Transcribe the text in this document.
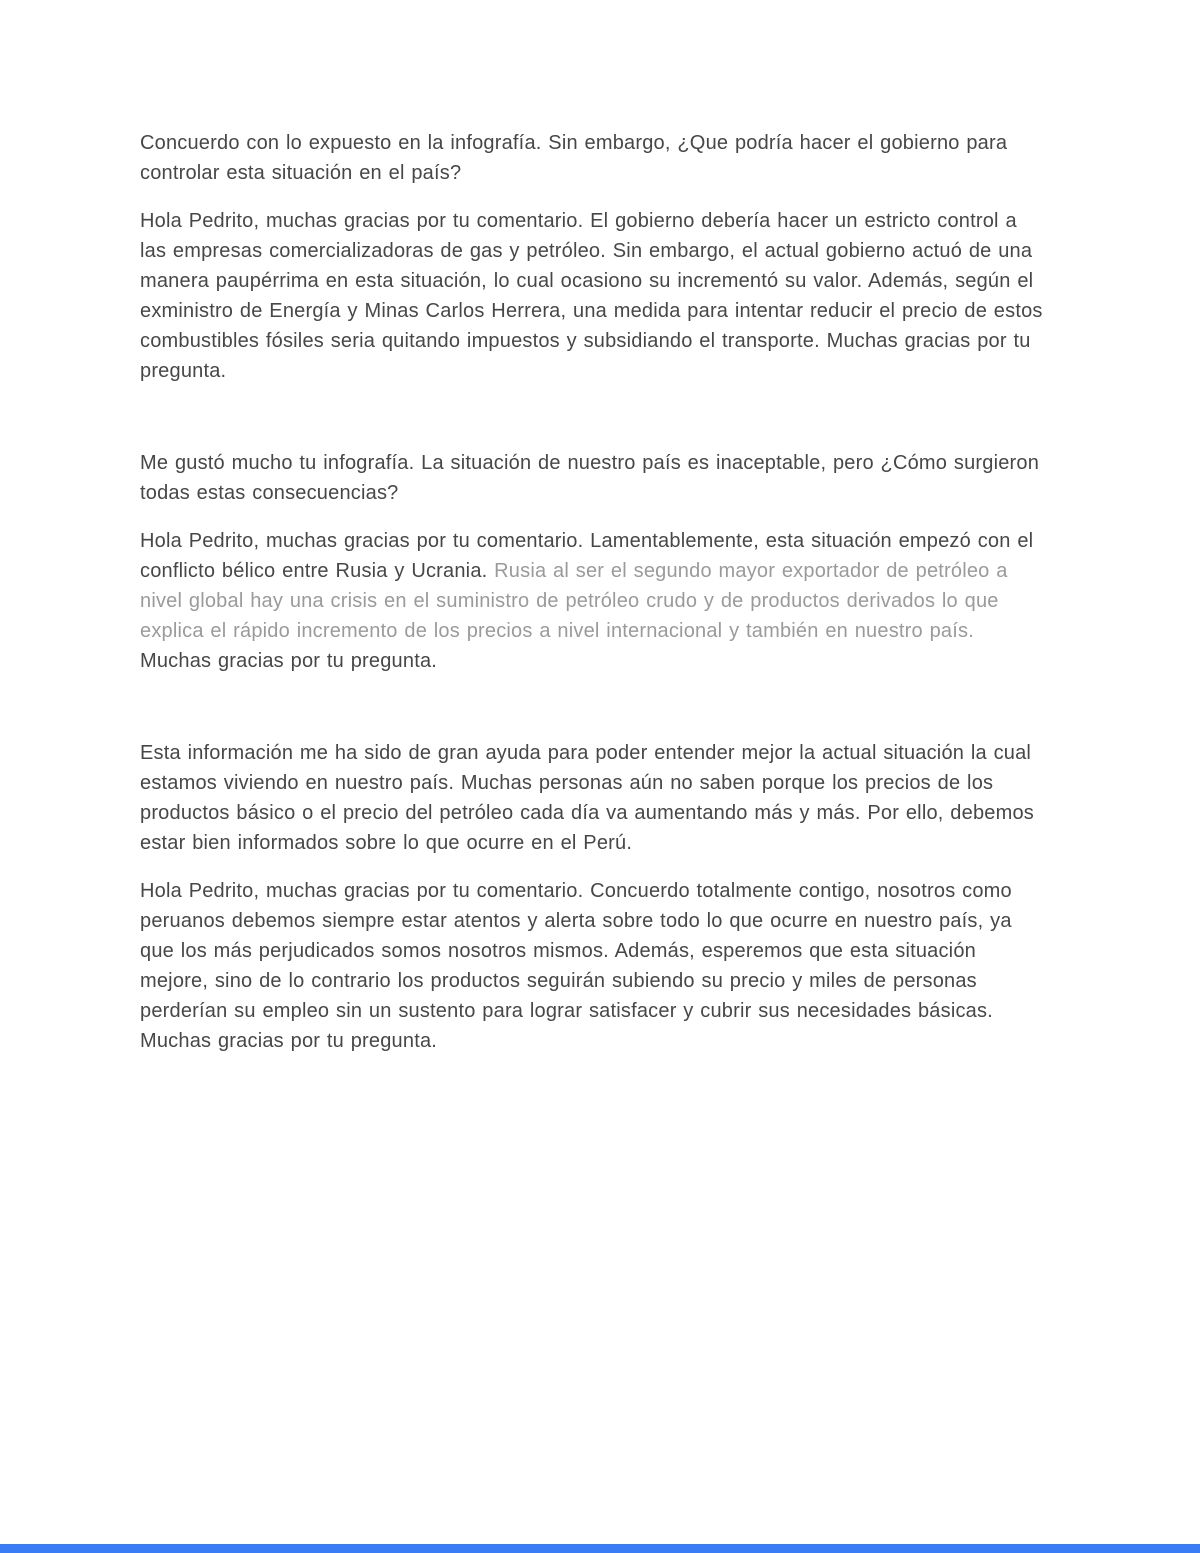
Concuerdo con lo expuesto en la infografía. Sin embargo, ¿Que podría hacer el gobierno para controlar esta situación en el país?

Hola Pedrito, muchas gracias por tu comentario. El gobierno debería hacer un estricto control a las empresas comercializadoras de gas y petróleo. Sin embargo, el actual gobierno actuó de una manera paupérrima en esta situación, lo cual ocasiono su incrementó su valor. Además, según el exministro de Energía y Minas Carlos Herrera, una medida para intentar reducir el precio de estos combustibles fósiles seria quitando impuestos y subsidiando el transporte. Muchas gracias por tu pregunta.

Me gustó mucho tu infografía. La situación de nuestro país es inaceptable, pero ¿Cómo surgieron todas estas consecuencias?

Hola Pedrito, muchas gracias por tu comentario. Lamentablemente, esta situación empezó con el conflicto bélico entre Rusia y Ucrania. Rusia al ser el segundo mayor exportador de petróleo a nivel global hay una crisis en el suministro de petróleo crudo y de productos derivados lo que explica el rápido incremento de los precios a nivel internacional y también en nuestro país. Muchas gracias por tu pregunta.

Esta información me ha sido de gran ayuda para poder entender mejor la actual situación la cual estamos viviendo en nuestro país. Muchas personas aún no saben porque los precios de los productos básico o el precio del petróleo cada día va aumentando más y más. Por ello, debemos estar bien informados sobre lo que ocurre en el Perú.

Hola Pedrito, muchas gracias por tu comentario. Concuerdo totalmente contigo, nosotros como peruanos debemos siempre estar atentos y alerta sobre todo lo que ocurre en nuestro país, ya que los más perjudicados somos nosotros mismos. Además, esperemos que esta situación mejore, sino de lo contrario los productos seguirán subiendo su precio y miles de personas perderían su empleo sin un sustento para lograr satisfacer y cubrir sus necesidades básicas. Muchas gracias por tu pregunta.
